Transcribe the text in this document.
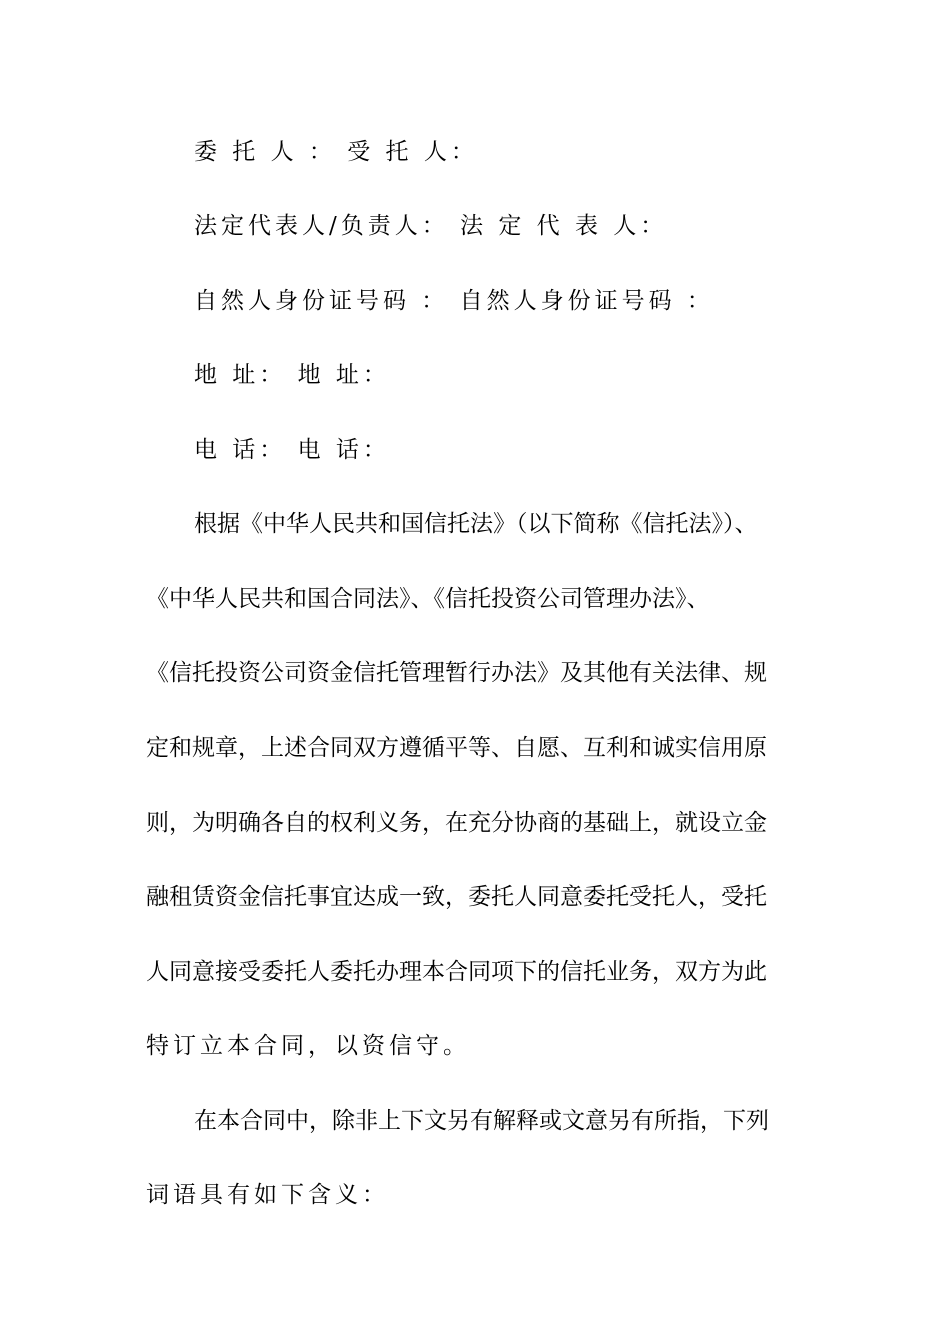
委 托 人 ： 受 托 人：
法定代表人/负责人： 法 定 代 表 人：
自然人身份证号码 ： 自然人身份证号码 ：
地 址： 地 址：
电 话： 电 话：
根据《中华人民共和国信托法》（以下简称《信托法》）、
《中华人民共和国合同法》、《信托投资公司管理办法》、
《信托投资公司资金信托管理暂行办法》及其他有关法律、规
定和规章，上述合同双方遵循平等、自愿、互利和诚实信用原
则，为明确各自的权利义务，在充分协商的基础上，就设立金
融租赁资金信托事宜达成一致，委托人同意委托受托人，受托
人同意接受委托人委托办理本合同项下的信托业务，双方为此
特订立本合同，以资信守。
在本合同中，除非上下文另有解释或文意另有所指，下列
词语具有如下含义：
